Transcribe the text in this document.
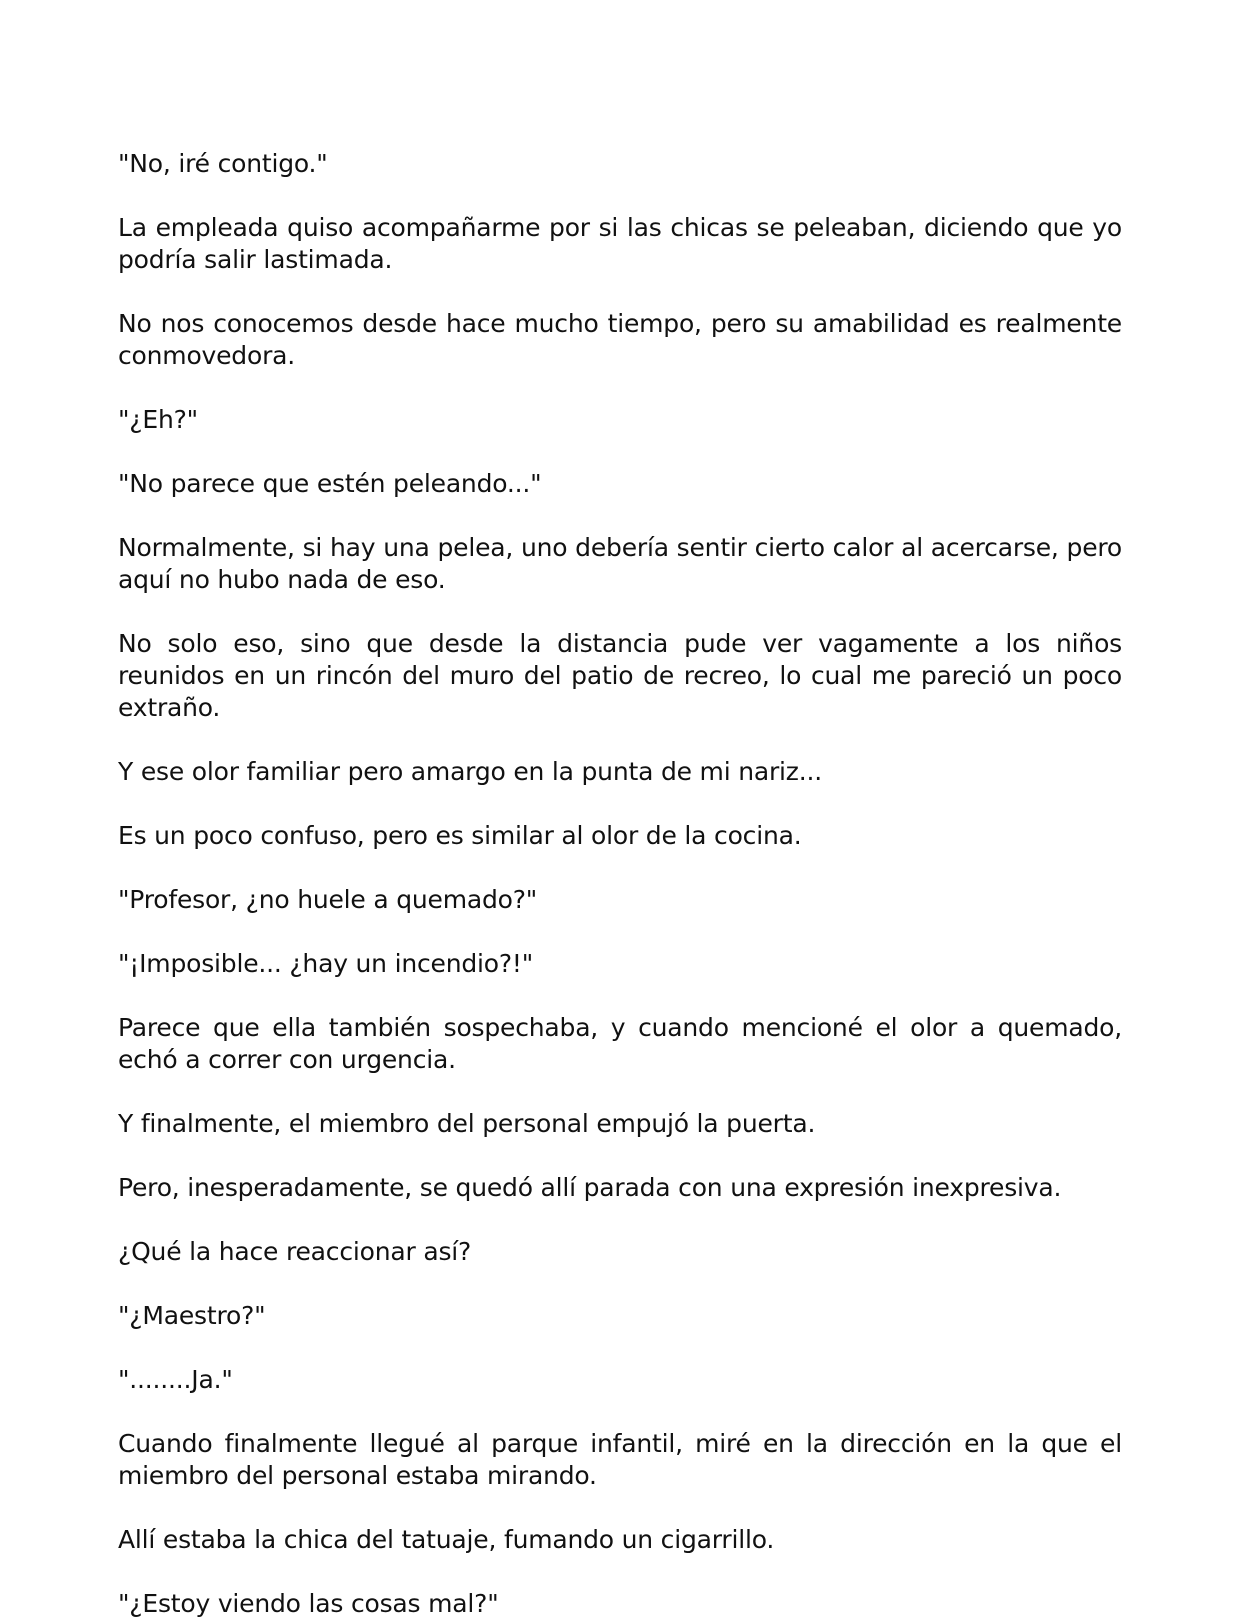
"No, iré contigo."

La empleada quiso acompañarme por si las chicas se peleaban, diciendo que yo podría salir lastimada.

No nos conocemos desde hace mucho tiempo, pero su amabilidad es realmente conmovedora.

"¿Eh?"

"No parece que estén peleando..."

Normalmente, si hay una pelea, uno debería sentir cierto calor al acercarse, pero aquí no hubo nada de eso.

No solo eso, sino que desde la distancia pude ver vagamente a los niños reunidos en un rincón del muro del patio de recreo, lo cual me pareció un poco extraño.

Y ese olor familiar pero amargo en la punta de mi nariz...

Es un poco confuso, pero es similar al olor de la cocina.

"Profesor, ¿no huele a quemado?"

"¡Imposible... ¿hay un incendio?!"

Parece que ella también sospechaba, y cuando mencioné el olor a quemado, echó a correr con urgencia.

Y finalmente, el miembro del personal empujó la puerta.

Pero, inesperadamente, se quedó allí parada con una expresión inexpresiva.

¿Qué la hace reaccionar así?

"¿Maestro?"

"........Ja."

Cuando finalmente llegué al parque infantil, miré en la dirección en la que el miembro del personal estaba mirando.

Allí estaba la chica del tatuaje, fumando un cigarrillo.

"¿Estoy viendo las cosas mal?"
